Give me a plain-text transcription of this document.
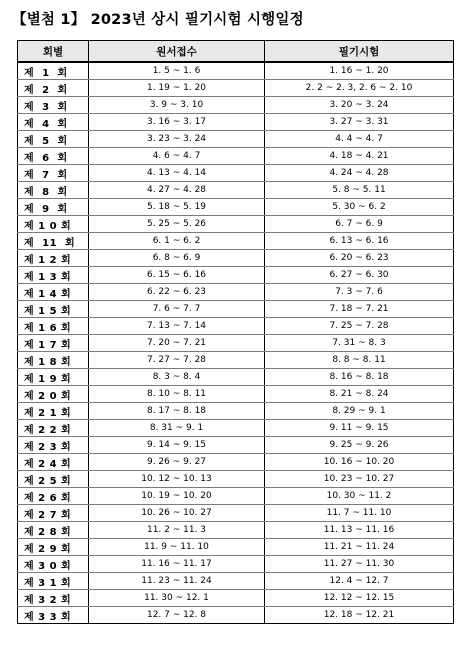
【별첨 1】 2023년 상시 필기시험 시행일정
회별	원서접수	필기시험
제  1  회	1. 5 ~ 1. 6	1. 16 ~ 1. 20
제  2  회	1. 19 ~ 1. 20	2. 2 ~ 2. 3, 2. 6 ~ 2. 10
제  3  회	3. 9 ~ 3. 10	3. 20 ~ 3. 24
제  4  회	3. 16 ~ 3. 17	3. 27 ~ 3. 31
제  5  회	3. 23 ~ 3. 24	4. 4 ~ 4. 7
제  6  회	4. 6 ~ 4. 7	4. 18 ~ 4. 21
제  7  회	4. 13 ~ 4. 14	4. 24 ~ 4. 28
제  8  회	4. 27 ~ 4. 28	5. 8 ~ 5. 11
제  9  회	5. 18 ~ 5. 19	5. 30 ~ 6. 2
제 1 0 회	5. 25 ~ 5. 26	6. 7 ~ 6. 9
제  11  회	6. 1 ~ 6. 2	6. 13 ~ 6. 16
제 1 2 회	6. 8 ~ 6. 9	6. 20 ~ 6. 23
제 1 3 회	6. 15 ~ 6. 16	6. 27 ~ 6. 30
제 1 4 회	6. 22 ~ 6. 23	7. 3 ~ 7. 6
제 1 5 회	7. 6 ~ 7. 7	7. 18 ~ 7. 21
제 1 6 회	7. 13 ~ 7. 14	7. 25 ~ 7. 28
제 1 7 회	7. 20 ~ 7. 21	7. 31 ~ 8. 3
제 1 8 회	7. 27 ~ 7. 28	8. 8 ~ 8. 11
제 1 9 회	8. 3 ~ 8. 4	8. 16 ~ 8. 18
제 2 0 회	8. 10 ~ 8. 11	8. 21 ~ 8. 24
제 2 1 회	8. 17 ~ 8. 18	8. 29 ~ 9. 1
제 2 2 회	8. 31 ~ 9. 1	9. 11 ~ 9. 15
제 2 3 회	9. 14 ~ 9. 15	9. 25 ~ 9. 26
제 2 4 회	9. 26 ~ 9. 27	10. 16 ~ 10. 20
제 2 5 회	10. 12 ~ 10. 13	10. 23 ~ 10. 27
제 2 6 회	10. 19 ~ 10. 20	10. 30 ~ 11. 2
제 2 7 회	10. 26 ~ 10. 27	11. 7 ~ 11. 10
제 2 8 회	11. 2 ~ 11. 3	11. 13 ~ 11. 16
제 2 9 회	11. 9 ~ 11. 10	11. 21 ~ 11. 24
제 3 0 회	11. 16 ~ 11. 17	11. 27 ~ 11. 30
제 3 1 회	11. 23 ~ 11. 24	12. 4 ~ 12. 7
제 3 2 회	11. 30 ~ 12. 1	12. 12 ~ 12. 15
제 3 3 회	12. 7 ~ 12. 8	12. 18 ~ 12. 21
